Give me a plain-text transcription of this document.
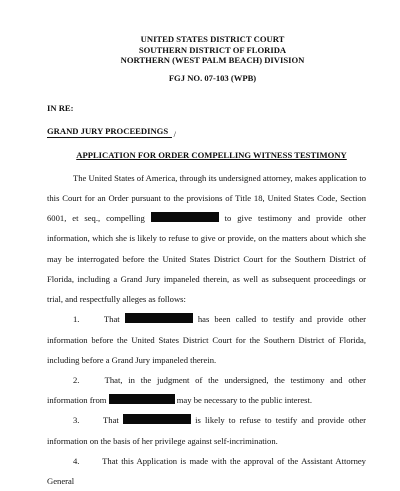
UNITED STATES DISTRICT COURT
SOUTHERN DISTRICT OF FLORIDA
NORTHERN (WEST PALM BEACH) DIVISION
FGJ NO. 07-103 (WPB)
IN RE:
GRAND JURY PROCEEDINGS /
APPLICATION FOR ORDER COMPELLING WITNESS TESTIMONY
The United States of America, through its undersigned attorney, makes application to this Court for an Order pursuant to the provisions of Title 18, United States Code, Section 6001, et seq., compelling	to give testimony and provide other information, which she is likely to refuse to give or provide, on the matters about which she may be interrogated before the United States District Court for the Southern District of Florida, including a Grand Jury impaneled therein, as well as subsequent proceedings or trial, and respectfully alleges as follows:
1.	That	has been called to testify and provide other information before the United States District Court for the Southern District of Florida, including before a Grand Jury impaneled therein.
2.	That, in the judgment of the undersigned, the testimony and other information from	may be necessary to the public interest.
3.	That	is likely to refuse to testify and provide other information on the basis of her privilege against self-incrimination.
4.	That this Application is made with the approval of the Assistant Attorney General
